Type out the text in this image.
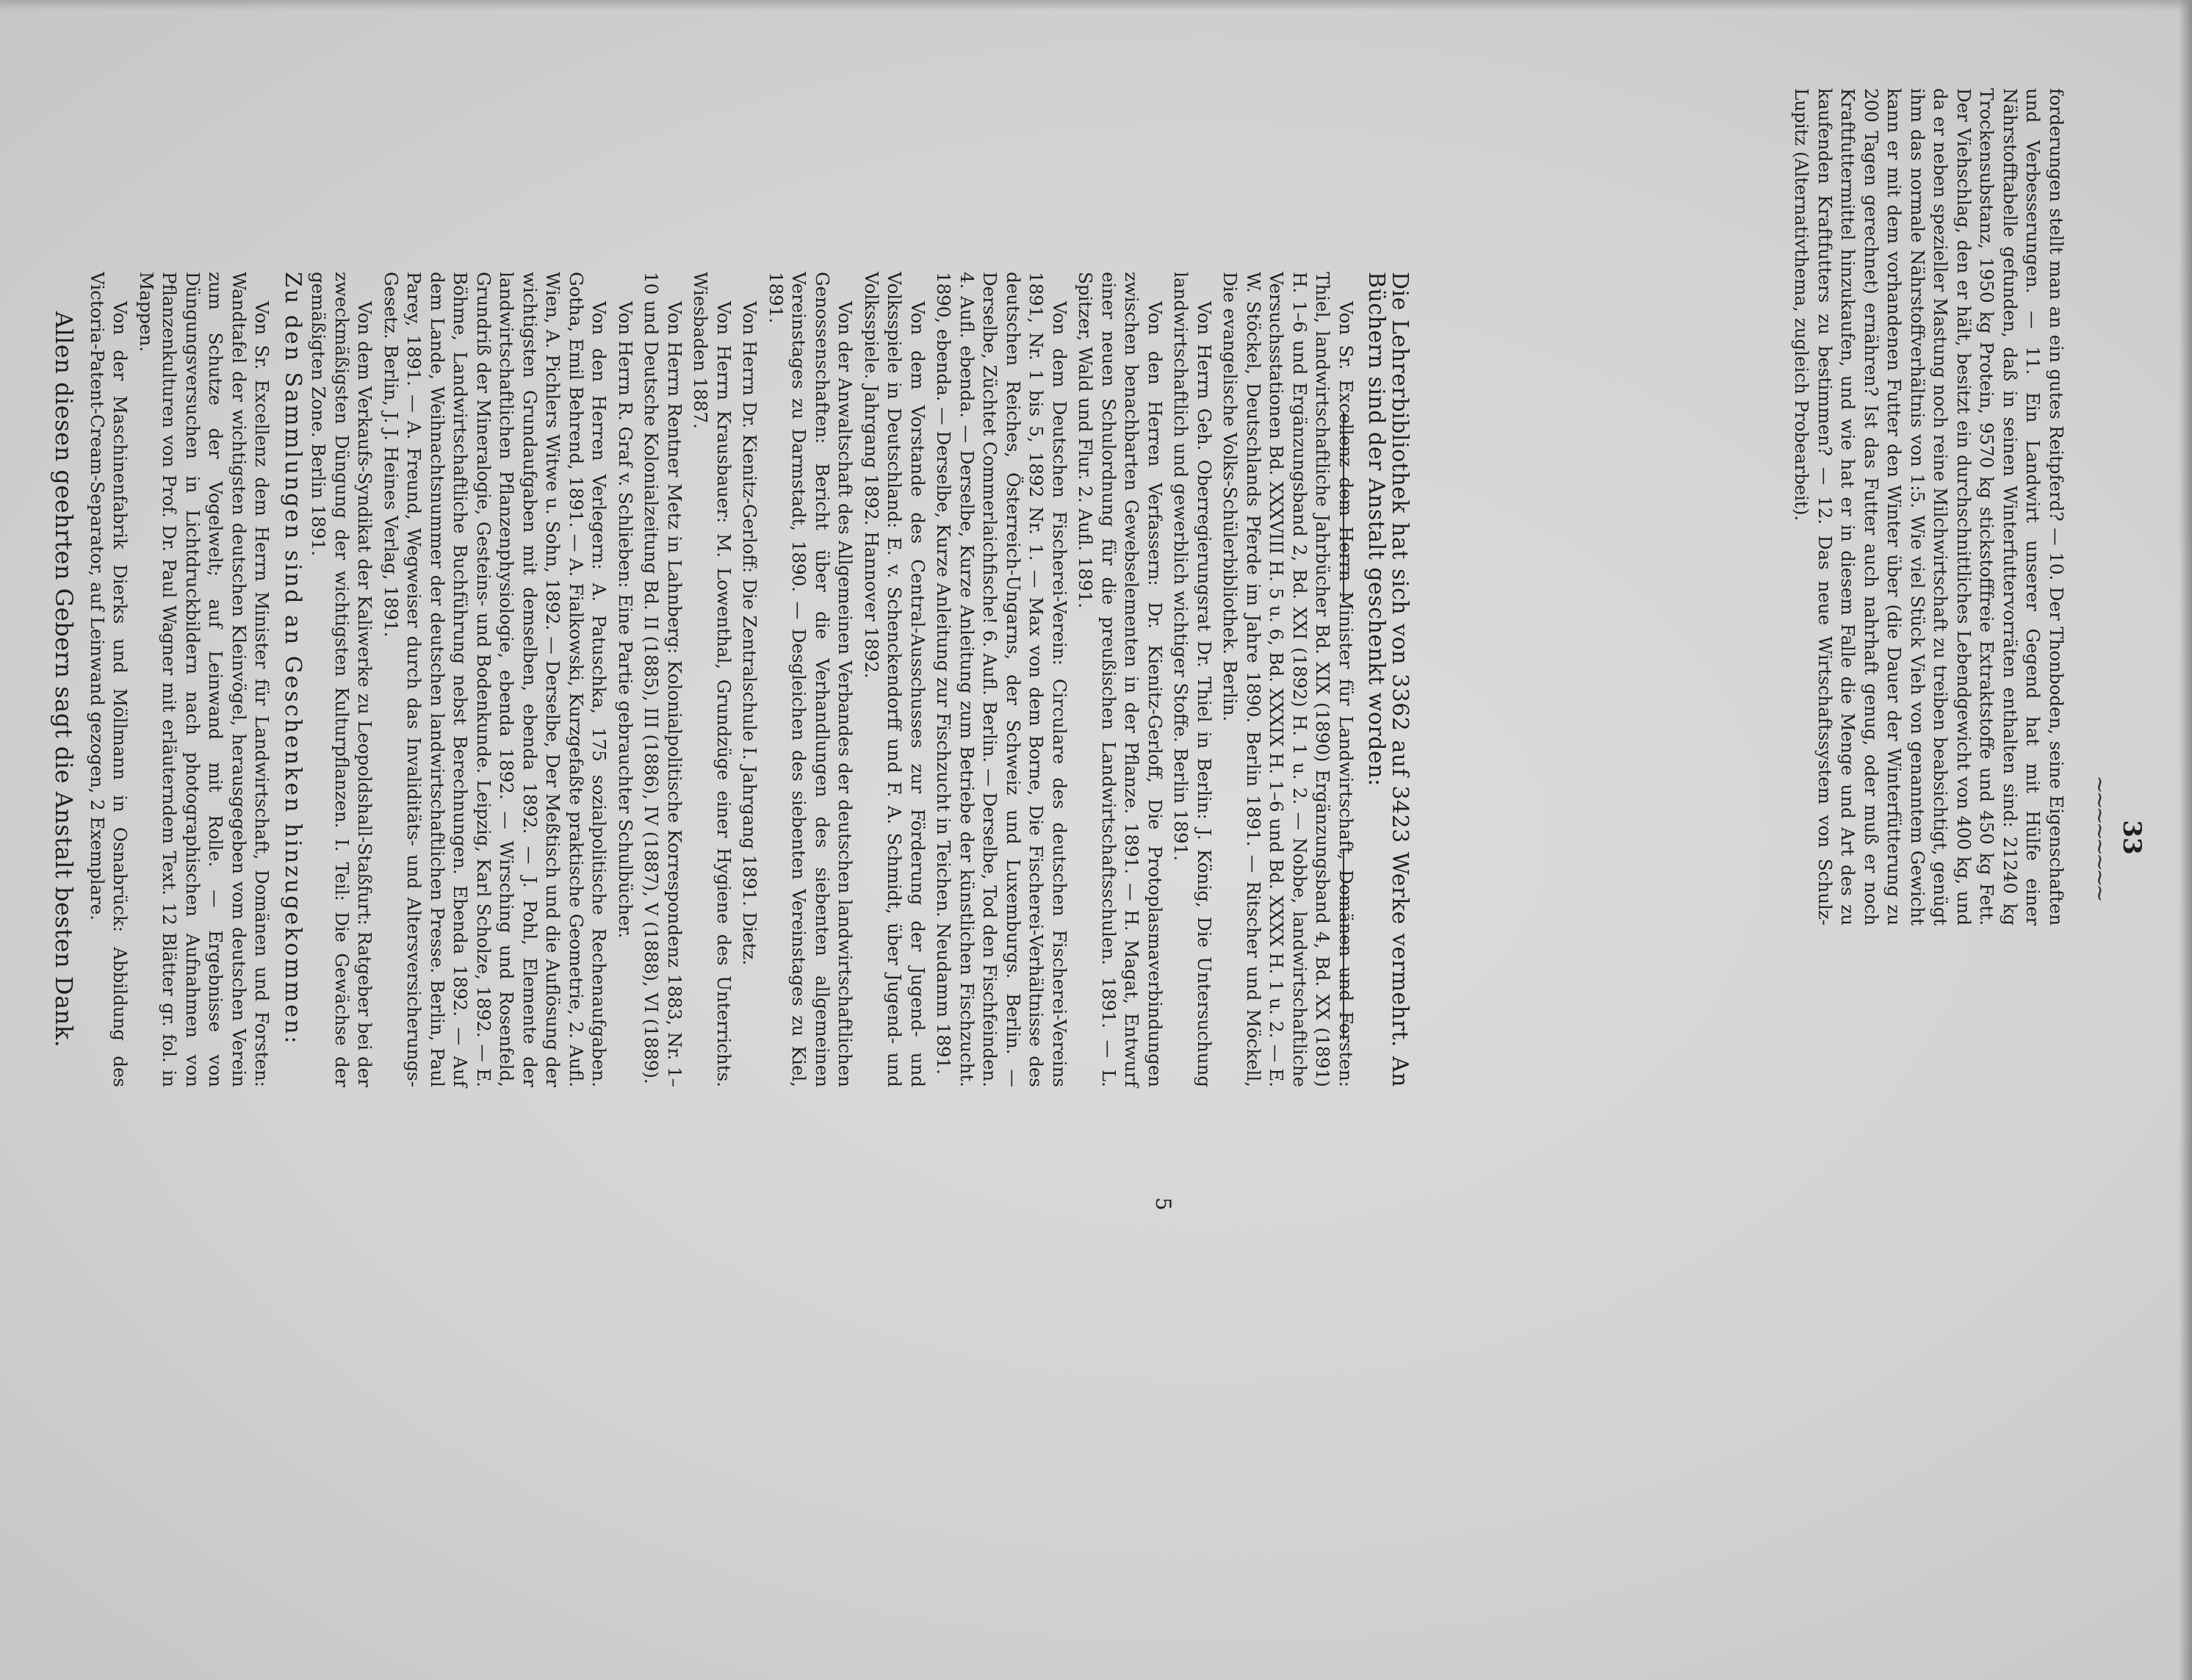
33
~~~~~~~~

forderungen stellt man an ein gutes Reitpferd? — 10. Der Thonboden, seine Eigenschaften und Verbesserungen. — 11. Ein Landwirt unserer Gegend hat mit Hülfe einer Nährstofftabelle gefunden, daß in seinen Winterfuttervorräten enthalten sind: 21240 kg Trockensubstanz, 1950 kg Protein, 9570 kg stickstofffreie Extraktstoffe und 450 kg Fett. Der Viehschlag, den er hält, besitzt ein durchschnittliches Lebendgewicht von 400 kg, und da er neben spezieller Mastung noch reine Milchwirtschaft zu treiben beabsichtigt, genügt ihm das normale Nährstoffverhältnis von 1:5. Wie viel Stück Vieh von genanntem Gewicht kann er mit dem vorhandenen Futter den Winter über (die Dauer der Winterfütterung zu 200 Tagen gerechnet) ernähren? Ist das Futter auch nahrhaft genug, oder muß er noch Kraftfuttermittel hinzukaufen, und wie hat er in diesem Falle die Menge und Art des zu kaufenden Kraftfutters zu bestimmen? — 12. Das neue Wirtschaftssystem von Schulz-Lupitz (Alternativthema, zugleich Probearbeit).

Die Lehrerbibliothek hat sich von 3362 auf 3423 Werke vermehrt. An Büchern sind der Anstalt geschenkt worden:

Von Sr. Excellenz dem Herrn Minister für Landwirtschaft, Domänen und Forsten: Thiel, landwirtschaftliche Jahrbücher Bd. XIX (1890) Ergänzungsband 4, Bd. XX (1891) H. 1–6 und Ergänzungsband 2, Bd. XXI (1892) H. 1 u. 2. — Nobbe, landwirtschaftliche Versuchsstationen Bd. XXXVIII H. 5 u. 6, Bd. XXXIX H. 1–6 und Bd. XXXX H. 1 u. 2. — E. W. Stöckel, Deutschlands Pferde im Jahre 1890. Berlin 1891. — Ritscher und Möckell, Die evangelische Volks-Schülerbibliothek. Berlin.

Von Herrn Geh. Oberregierungsrat Dr. Thiel in Berlin: J. König, Die Untersuchung landwirtschaftlich und gewerblich wichtiger Stoffe. Berlin 1891.

Von den Herren Verfassern: Dr. Kienitz-Gerloff, Die Protoplasmaverbindungen zwischen benachbarten Gewebselementen in der Pflanze. 1891. — H. Magat, Entwurf einer neuen Schulordnung für die preußischen Landwirtschaftsschulen. 1891. — L. Spitzer, Wald und Flur. 2. Aufl. 1891.

Von dem Deutschen Fischerei-Verein: Circulare des deutschen Fischerei-Vereins 1891, Nr. 1 bis 5, 1892 Nr. 1. — Max von dem Borne, Die Fischerei-Verhältnisse des deutschen Reiches, Österreich-Ungarns, der Schweiz und Luxemburgs. Berlin. — Derselbe, Züchtet Commerlaichfische! 6. Aufl. Berlin. — Derselbe, Tod den Fischfeinden. 4. Aufl. ebenda. — Derselbe, Kurze Anleitung zum Betriebe der künstlichen Fischzucht. 1890, ebenda. — Derselbe, Kurze Anleitung zur Fischzucht in Teichen. Neudamm 1891.

Von dem Vorstande des Central-Ausschusses zur Förderung der Jugend- und Volksspiele in Deutschland: E. v. Schenckendorff und F. A. Schmidt, über Jugend- und Volksspiele. Jahrgang 1892. Hannover 1892.

Von der Anwaltschaft des Allgemeinen Verbandes der deutschen landwirtschaftlichen Genossenschaften: Bericht über die Verhandlungen des siebenten allgemeinen Vereinstages zu Darmstadt, 1890. — Desgleichen des siebenten Vereinstages zu Kiel, 1891.

Von Herrn Dr. Kienitz-Gerloff: Die Zentralschule I. Jahrgang 1891. Dietz.

Von Herrn Krausbauer: M. Lowenthal, Grundzüge einer Hygiene des Unterrichts. Wiesbaden 1887.

Von Herrn Rentner Metz in Lahnberg: Kolonialpolitische Korrespondenz 1883, Nr. 1–10 und Deutsche Kolonialzeitung Bd. II (1885), III (1886), IV (1887), V (1888), VI (1889).

Von Herrn R. Graf v. Schlieben: Eine Partie gebrauchter Schulbücher.

Von den Herren Verlegern: A. Patuschka, 175 sozialpolitische Rechenaufgaben. Gotha, Emil Behrend, 1891. — A. Fialkowski, Kurzgefaßte praktische Geometrie, 2. Aufl. Wien, A. Pichlers Witwe u. Sohn, 1892. — Derselbe, Der Meßtisch und die Auflösung der wichtigsten Grundaufgaben mit demselben, ebenda 1892. — J. Pohl, Elemente der landwirtschaftlichen Pflanzenphysiologie, ebenda 1892. — Wirsching und Rosenfeld, Grundriß der Mineralogie, Gesteins- und Bodenkunde. Leipzig, Karl Scholze, 1892. — E. Böhme, Landwirtschaftliche Buchführung nebst Berechnungen. Ebenda 1892. — Auf dem Lande, Weihnachtsnummer der deutschen landwirtschaftlichen Presse. Berlin, Paul Parey, 1891. — A. Freund, Wegweiser durch das Invaliditäts- und Altersversicherungs-Gesetz. Berlin, J. J. Heines Verlag, 1891.

Von dem Verkaufs-Syndikat der Kaliwerke zu Leopoldshall-Staßfurt: Ratgeber bei der zweckmäßigsten Düngung der wichtigsten Kulturpflanzen. I. Teil: Die Gewächse der gemäßigten Zone. Berlin 1891.

Zu den Sammlungen sind an Geschenken hinzugekommen:

Von Sr. Excellenz dem Herrn Minister für Landwirtschaft, Domänen und Forsten: Wandtafel der wichtigsten deutschen Kleinvögel, herausgegeben vom deutschen Verein zum Schutze der Vogelwelt; auf Leinwand mit Rolle. — Ergebnisse von Düngungsversuchen in Lichtdruckbildern nach photographischen Aufnahmen von Pflanzenkulturen von Prof. Dr. Paul Wagner mit erläuterndem Text. 12 Blätter gr. fol. in Mappen.

Von der Maschinenfabrik Dierks und Möllmann in Osnabrück: Abbildung des Victoria-Patent-Cream-Separator, auf Leinwand gezogen, 2 Exemplare.

Allen diesen geehrten Gebern sagt die Anstalt besten Dank.
5
